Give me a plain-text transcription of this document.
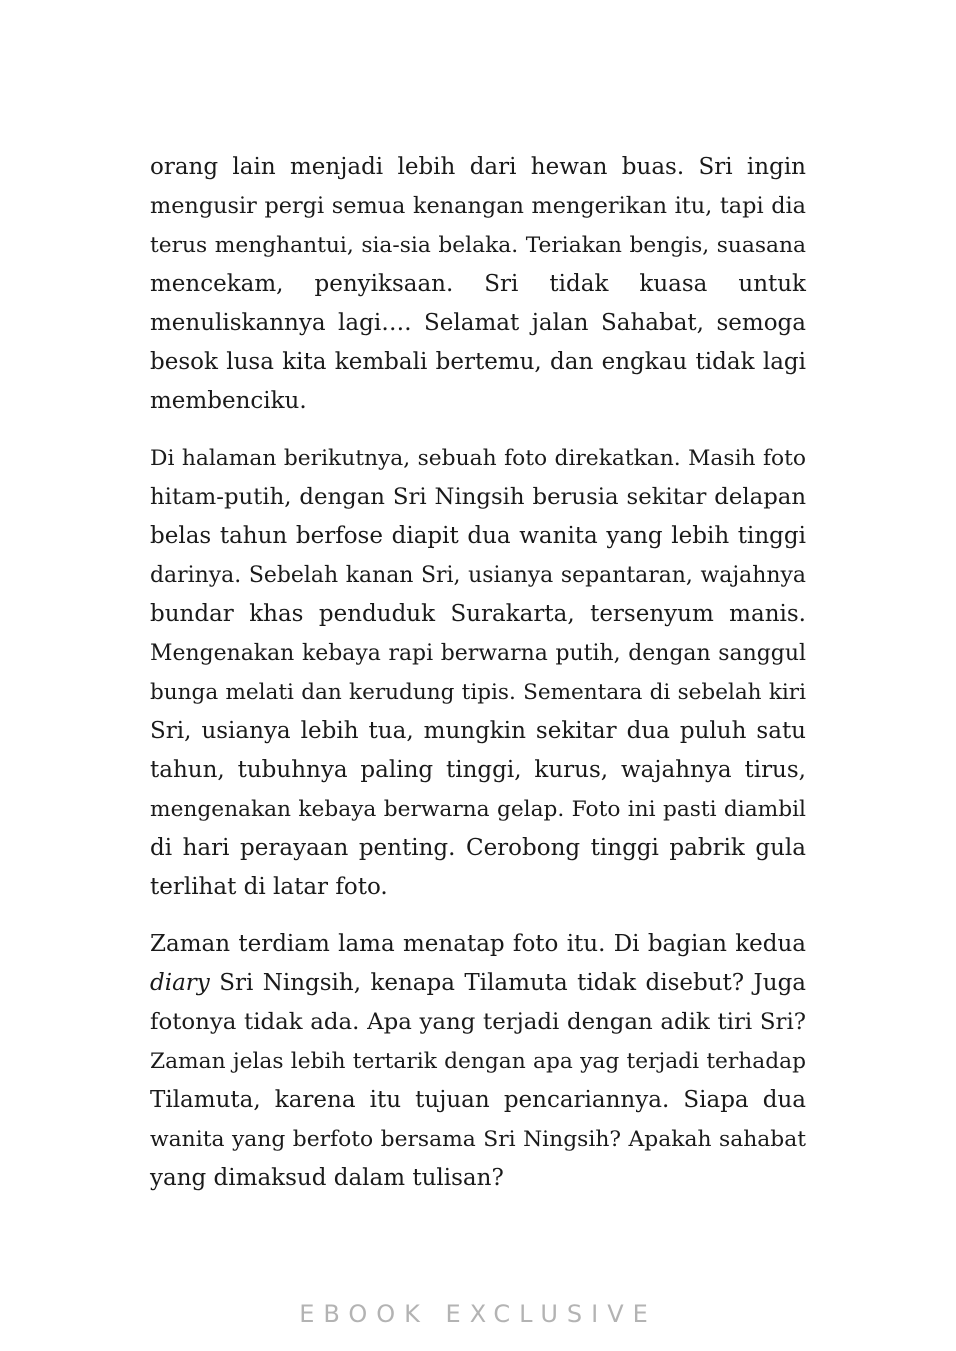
orang lain menjadi lebih dari hewan buas. Sri ingin
mengusir pergi semua kenangan mengerikan itu, tapi dia
terus menghantui, sia-sia belaka. Teriakan bengis, suasana
mencekam, penyiksaan. Sri tidak kuasa untuk
menuliskannya lagi…. Selamat jalan Sahabat, semoga
besok lusa kita kembali bertemu, dan engkau tidak lagi
membenciku.

Di halaman berikutnya, sebuah foto direkatkan. Masih foto
hitam-putih, dengan Sri Ningsih berusia sekitar delapan
belas tahun berfose diapit dua wanita yang lebih tinggi
darinya. Sebelah kanan Sri, usianya sepantaran, wajahnya
bundar khas penduduk Surakarta, tersenyum manis.
Mengenakan kebaya rapi berwarna putih, dengan sanggul
bunga melati dan kerudung tipis. Sementara di sebelah kiri
Sri, usianya lebih tua, mungkin sekitar dua puluh satu
tahun, tubuhnya paling tinggi, kurus, wajahnya tirus,
mengenakan kebaya berwarna gelap. Foto ini pasti diambil
di hari perayaan penting. Cerobong tinggi pabrik gula
terlihat di latar foto.

Zaman terdiam lama menatap foto itu. Di bagian kedua
diary Sri Ningsih, kenapa Tilamuta tidak disebut? Juga
fotonya tidak ada. Apa yang terjadi dengan adik tiri Sri?
Zaman jelas lebih tertarik dengan apa yag terjadi terhadap
Tilamuta, karena itu tujuan pencariannya. Siapa dua
wanita yang berfoto bersama Sri Ningsih? Apakah sahabat
yang dimaksud dalam tulisan?

EBOOK EXCLUSIVE
